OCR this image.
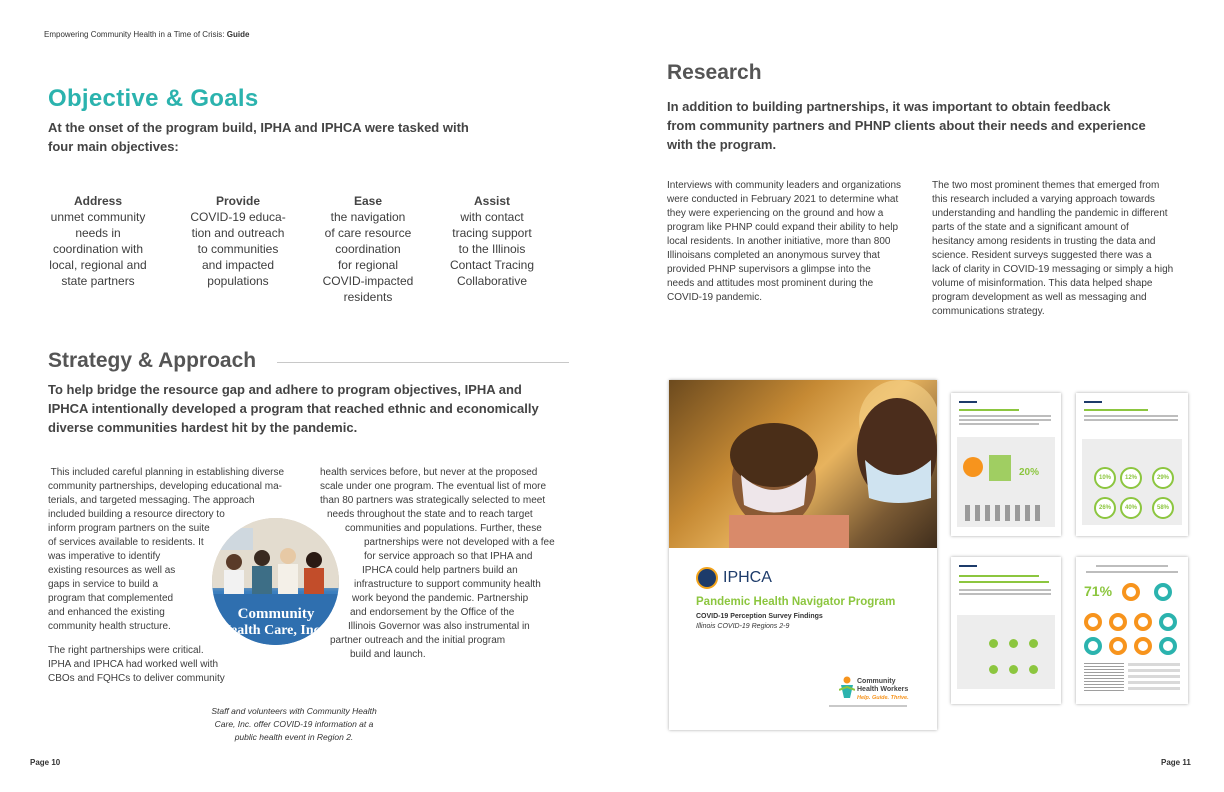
Empowering Community Health in a Time of Crisis: Guide
Objective & Goals
At the onset of the program build, IPHA and IPHCA were tasked with
four main objectives:
Address
unmet community
needs in
coordination with
local, regional and
state partners
Provide
COVID-19 educa-
tion and outreach
to communities
and impacted
populations
Ease
the navigation
of care resource
coordination
for regional
COVID-impacted
residents
Assist
with contact
tracing support
to the Illinois
Contact Tracing
Collaborative
Strategy & Approach
To help bridge the resource gap and adhere to program objectives, IPHA and
IPHCA intentionally developed a program that reached ethnic and economically
diverse communities hardest hit by the pandemic.
This included careful planning in establishing diverse
community partnerships, developing educational ma-
terials, and targeted messaging. The approach
included building a resource directory to
inform program partners on the suite
of services available to residents. It
was imperative to identify
existing resources as well as
gaps in service to build a
program that complemented
and enhanced the existing
community health structure.
The right partnerships were critical.
IPHA and IPHCA had worked well with
CBOs and FQHCs to deliver community
health services before, but never at the proposed
scale under one program. The eventual list of more
than 80 partners was strategically selected to meet
needs throughout the state and to reach target
communities and populations. Further, these
partnerships were not developed with a fee
for service approach so that IPHA and
IPHCA could help partners build an
infrastructure to support community health
work beyond the pandemic. Partnership
and endorsement by the Office of the
Illinois Governor was also instrumental in
partner outreach and the initial program
build and launch.
Community
Health Care, Inc
Staff and volunteers with Community Health
Care, Inc. offer COVID-19 information at a
public health event in Region 2.
Research
In addition to building partnerships, it was important to obtain feedback
from community partners and PHNP clients about their needs and experience
with the program.
Interviews with community leaders and organizations
were conducted in February 2021 to determine what
they were experiencing on the ground and how a
program like PHNP could expand their ability to help
local residents. In another initiative, more than 800
Illinoisans completed an anonymous survey that
provided PHNP supervisors a glimpse into the
needs and attitudes most prominent during the
COVID-19 pandemic.
The two most prominent themes that emerged from
this research included a varying approach towards
understanding and handling the pandemic in different
parts of the state and a significant amount of
hesitancy among residents in trusting the data and
science. Resident surveys suggested there was a
lack of clarity in COVID-19 messaging or simply a high
volume of misinformation. This data helped shape
program development as well as messaging and
communications strategy.
IPHCA
Pandemic Health Navigator Program
COVID-19 Perception Survey Findings
Illinois COVID-19 Regions 2-9
Community
Health Workers
Help. Guide. Thrive.
20%	10%	12%	29%
26%	40%	58%
71%
Page 10	Page 11
